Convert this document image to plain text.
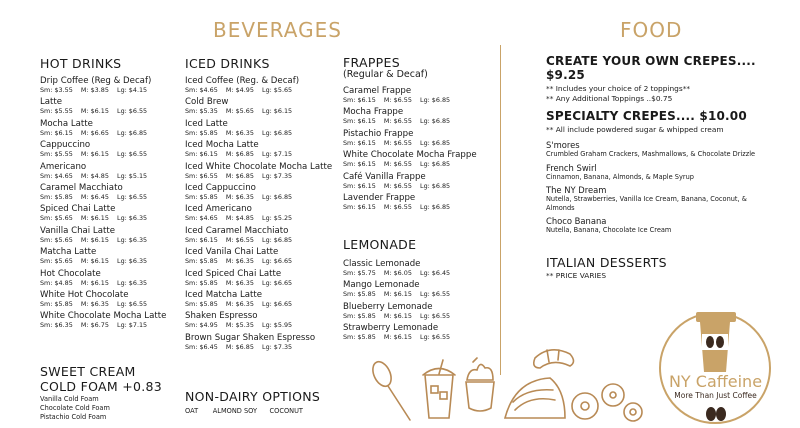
BEVERAGES	FOOD
HOT DRINKS
Drip Coffee (Reg & Decaf)
Sm: $3.55    M: $3.85    Lg: $4.15
Latte
Sm: $5.55    M: $6.15    Lg: $6.55
Mocha Latte
Sm: $6.15    M: $6.65    Lg: $6.85
Cappuccino
Sm: $5.55    M: $6.15    Lg: $6.55
Americano
Sm: $4.65    M: $4.85    Lg: $5.15
Caramel Macchiato
Sm: $5.85    M: $6.45    Lg: $6.55
Spiced Chai Latte
Sm: $5.65    M: $6.15    Lg: $6.35
Vanilla Chai Latte
Sm: $5.65    M: $6.15    Lg: $6.35
Matcha Latte
Sm: $5.65    M: $6.15    Lg: $6.35
Hot Chocolate
Sm: $4.85    M: $6.15    Lg: $6.35
White Hot Chocolate
Sm: $5.85    M: $6.35    Lg: $6.55
White Chocolate Mocha Latte
Sm: $6.35    M: $6.75    Lg: $7.15
SWEET CREAM
COLD FOAM +0.83
Vanilla Cold Foam
Chocolate Cold Foam
Pistachio Cold Foam
ICED DRINKS
Iced Coffee (Reg. & Decaf)
Sm: $4.65    M: $4.95    Lg: $5.65
Cold Brew
Sm: $5.35    M: $5.65    Lg: $6.15
Iced Latte
Sm: $5.85    M: $6.35    Lg: $6.85
Iced Mocha Latte
Sm: $6.15    M: $6.85    Lg: $7.15
Iced White Chocolate Mocha Latte
Sm: $6.55    M: $6.85    Lg: $7.35
Iced Cappuccino
Sm: $5.85    M: $6.35    Lg: $6.85
Iced Americano
Sm: $4.65    M: $4.85    Lg: $5.25
Iced Caramel Macchiato
Sm: $6.15    M: $6.55    Lg: $6.85
Iced Vanila Chai Latte
Sm: $5.85    M: $6.35    Lg: $6.65
Iced Spiced Chai Latte
Sm: $5.85    M: $6.35    Lg: $6.65
Iced Matcha Latte
Sm: $5.85    M: $6.35    Lg: $6.65
Shaken Espresso
Sm: $4.95    M: $5.35    Lg: $5.95
Brown Sugar Shaken Espresso
Sm: $6.45    M: $6.85    Lg: $7.35
NON-DAIRY OPTIONS
OAT       ALMOND SOY      COCONUT
FRAPPES
(Regular & Decaf)
Caramel Frappe
Sm: $6.15    M: $6.55    Lg: $6.85
Mocha Frappe
Sm: $6.15    M: $6.55    Lg: $6.85
Pistachio Frappe
Sm: $6.15    M: $6.55    Lg: $6.85
White Chocolate Mocha Frappe
Sm: $6.15    M: $6.55    Lg: $6.85
Café Vanilla Frappe
Sm: $6.15    M: $6.55    Lg: $6.85
Lavender Frappe
Sm: $6.15    M: $6.55    Lg: $6.85
LEMONADE
Classic Lemonade
Sm: $5.75    M: $6.05    Lg: $6.45
Mango Lemonade
Sm: $5.85    M: $6.15    Lg: $6.55
Blueberry Lemonade
Sm: $5.85    M: $6.15    Lg: $6.55
Strawberry Lemonade
Sm: $5.85    M: $6.15    Lg: $6.55
CREATE YOUR OWN CREPES.... $9.25
** Includes your choice of 2 toppings**
** Any Additional Toppings ..$0.75
SPECIALTY CREPES.... $10.00
** All include powdered sugar & whipped cream
S'mores
Crumbled Graham Crackers, Mashmallows, & Chocolate Drizzle
French Swirl
Cinnamon, Banana, Almonds, & Maple Syrup
The NY Dream
Nutella, Strawberries, Vanilla Ice Cream, Banana, Coconut, &
Almonds
Choco Banana
Nutella, Banana, Chocolate Ice Cream
ITALIAN DESSERTS
** PRICE VARIES
NY Caffeine
More Than Just Coffee
